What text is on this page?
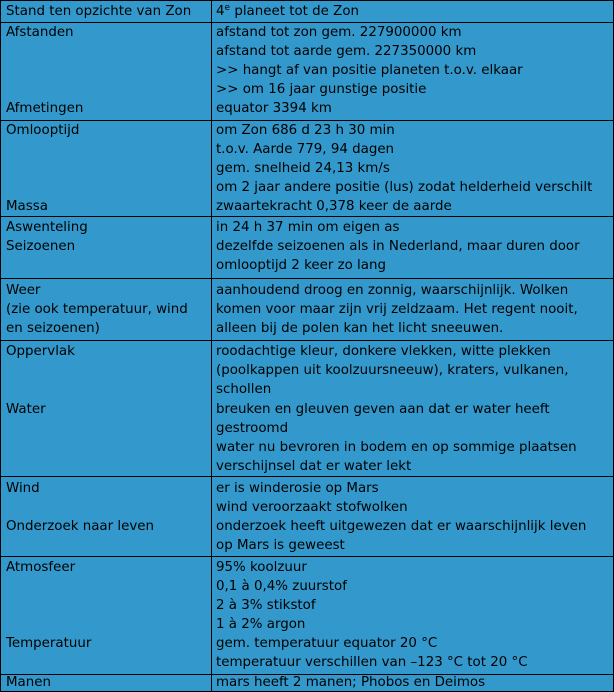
Stand ten opzichte van Zon 4e planeet tot de Zon
Afstanden
Afmetingen
afstand tot zon gem. 227900000 km
afstand tot aarde gem. 227350000 km
>> hangt af van positie planeten t.o.v. elkaar
>> om 16 jaar gunstige positie
equator 3394 km
Omlooptijd
Massa
om Zon 686 d 23 h 30 min
t.o.v. Aarde 779, 94 dagen
gem. snelheid 24,13 km/s
om 2 jaar andere positie (lus) zodat helderheid verschilt
zwaartekracht 0,378 keer de aarde
Aswenteling
Seizoenen
in 24 h 37 min om eigen as
dezelfde seizoenen als in Nederland, maar duren door
omlooptijd 2 keer zo lang
Weer
(zie ook temperatuur, wind
en seizoenen)
aanhoudend droog en zonnig, waarschijnlijk. Wolken
komen voor maar zijn vrij zeldzaam. Het regent nooit,
alleen bij de polen kan het licht sneeuwen.
Oppervlak
Water
roodachtige kleur, donkere vlekken, witte plekken
(poolkappen uit koolzuursneeuw), kraters, vulkanen,
schollen
breuken en gleuven geven aan dat er water heeft
gestroomd
water nu bevroren in bodem en op sommige plaatsen
verschijnsel dat er water lekt
Wind
Onderzoek naar leven
er is winderosie op Mars
wind veroorzaakt stofwolken
onderzoek heeft uitgewezen dat er waarschijnlijk leven
op Mars is geweest
Atmosfeer
Temperatuur
95% koolzuur
0,1 à 0,4% zuurstof
2 à 3% stikstof
1 à 2% argon
gem. temperatuur equator 20 °C
temperatuur verschillen van –123 °C tot 20 °C
Manen	mars heeft 2 manen; Phobos en Deimos
